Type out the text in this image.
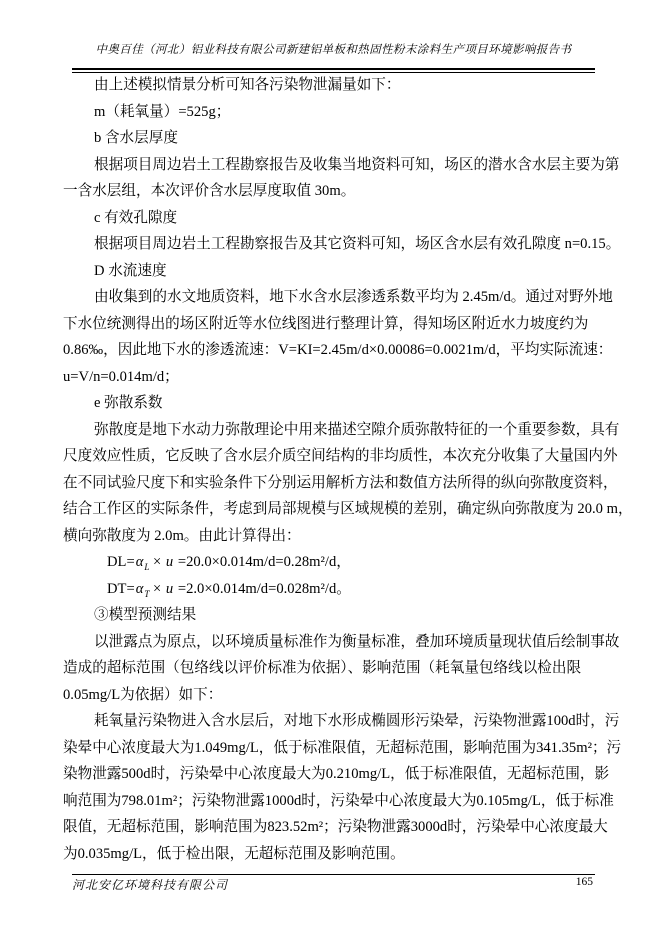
中奥百佳（河北）铝业科技有限公司新建铝单板和热固性粉末涂料生产项目环境影响报告书
由上述模拟情景分析可知各污染物泄漏量如下：
m（耗氧量）=525g；
b 含水层厚度
根据项目周边岩土工程勘察报告及收集当地资料可知，场区的潜水含水层主要为第
一含水层组，本次评价含水层厚度取值 30m。
c 有效孔隙度
根据项目周边岩土工程勘察报告及其它资料可知，场区含水层有效孔隙度 n=0.15。
D 水流速度
由收集到的水文地质资料，地下水含水层渗透系数平均为 2.45m/d。通过对野外地
下水位统测得出的场区附近等水位线图进行整理计算，得知场区附近水力坡度约为
0.86‰，因此地下水的渗透流速：V=KI=2.45m/d×0.00086=0.0021m/d，平均实际流速：
u=V/n=0.014m/d；
e 弥散系数
弥散度是地下水动力弥散理论中用来描述空隙介质弥散特征的一个重要参数，具有
尺度效应性质，它反映了含水层介质空间结构的非均质性，本次充分收集了大量国内外
在不同试验尺度下和实验条件下分别运用解析方法和数值方法所得的纵向弥散度资料，
结合工作区的实际条件，考虑到局部规模与区域规模的差别，确定纵向弥散度为 20.0 m，
横向弥散度为 2.0m。由此计算得出：
$DL=\alpha_L \times u =20.0\times 0.014m/d=0.28m^2/d$，
$DT=\alpha_T \times u =2.0\times 0.014m/d=0.028m^2/d$。
③模型预测结果
以泄露点为原点，以环境质量标准作为衡量标准，叠加环境质量现状值后绘制事故
造成的超标范围（包络线以评价标准为依据）、影响范围（耗氧量包络线以检出限
0.05mg/L为依据）如下：
耗氧量污染物进入含水层后，对地下水形成椭圆形污染晕，污染物泄露100d时，污
染晕中心浓度最大为1.049mg/L，低于标准限值，无超标范围，影响范围为341.35m²；污
染物泄露500d时，污染晕中心浓度最大为0.210mg/L，低于标准限值，无超标范围，影
响范围为798.01m²；污染物泄露1000d时，污染晕中心浓度最大为0.105mg/L，低于标准
限值，无超标范围，影响范围为823.52m²；污染物泄露3000d时，污染晕中心浓度最大
为0.035mg/L，低于检出限，无超标范围及影响范围。
河北安亿环境科技有限公司	165
